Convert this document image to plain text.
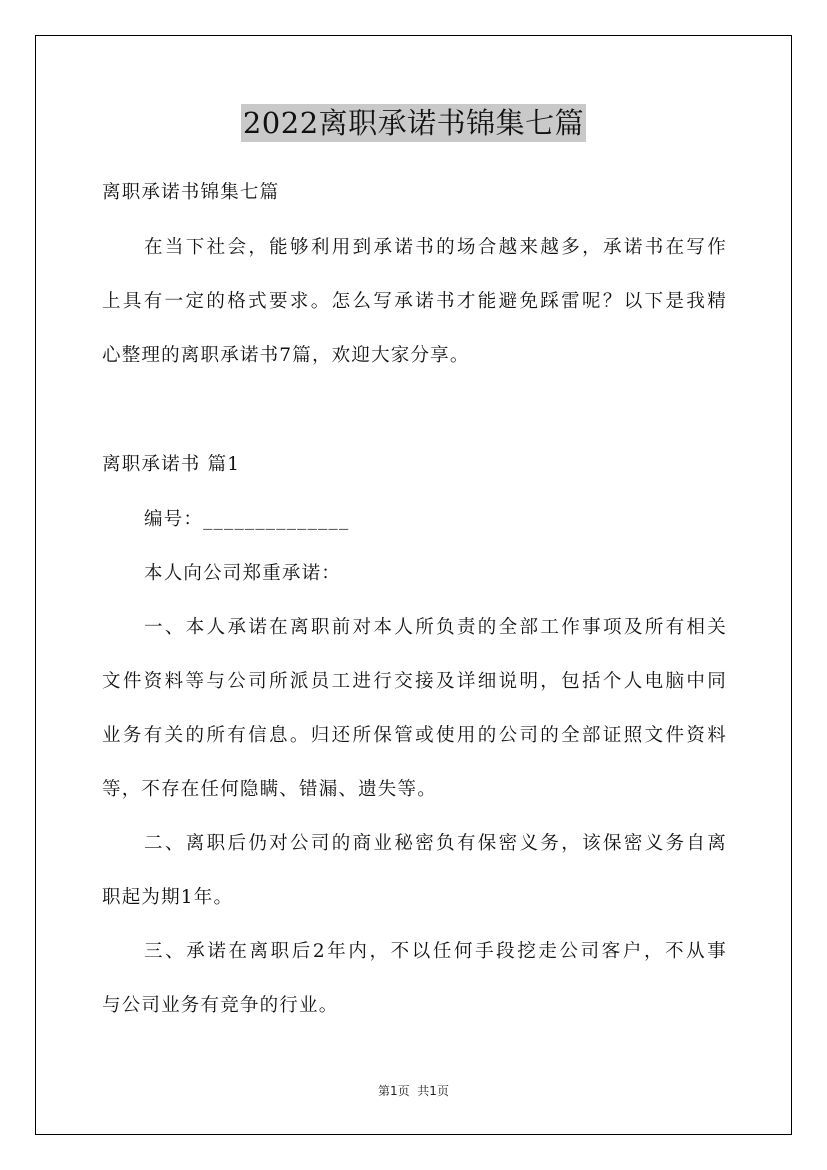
2022离职承诺书锦集七篇
离职承诺书锦集七篇
在当下社会，能够利用到承诺书的场合越来越多，承诺书在写作
上具有一定的格式要求。怎么写承诺书才能避免踩雷呢？以下是我精
心整理的离职承诺书7篇，欢迎大家分享。
离职承诺书 篇1
编号：______________
本人向公司郑重承诺：
一、本人承诺在离职前对本人所负责的全部工作事项及所有相关
文件资料等与公司所派员工进行交接及详细说明，包括个人电脑中同
业务有关的所有信息。归还所保管或使用的公司的全部证照文件资料
等，不存在任何隐瞒、错漏、遗失等。
二、离职后仍对公司的商业秘密负有保密义务，该保密义务自离
职起为期1年。
三、承诺在离职后2年内，不以任何手段挖走公司客户，不从事
与公司业务有竞争的行业。
第1页  共1页
